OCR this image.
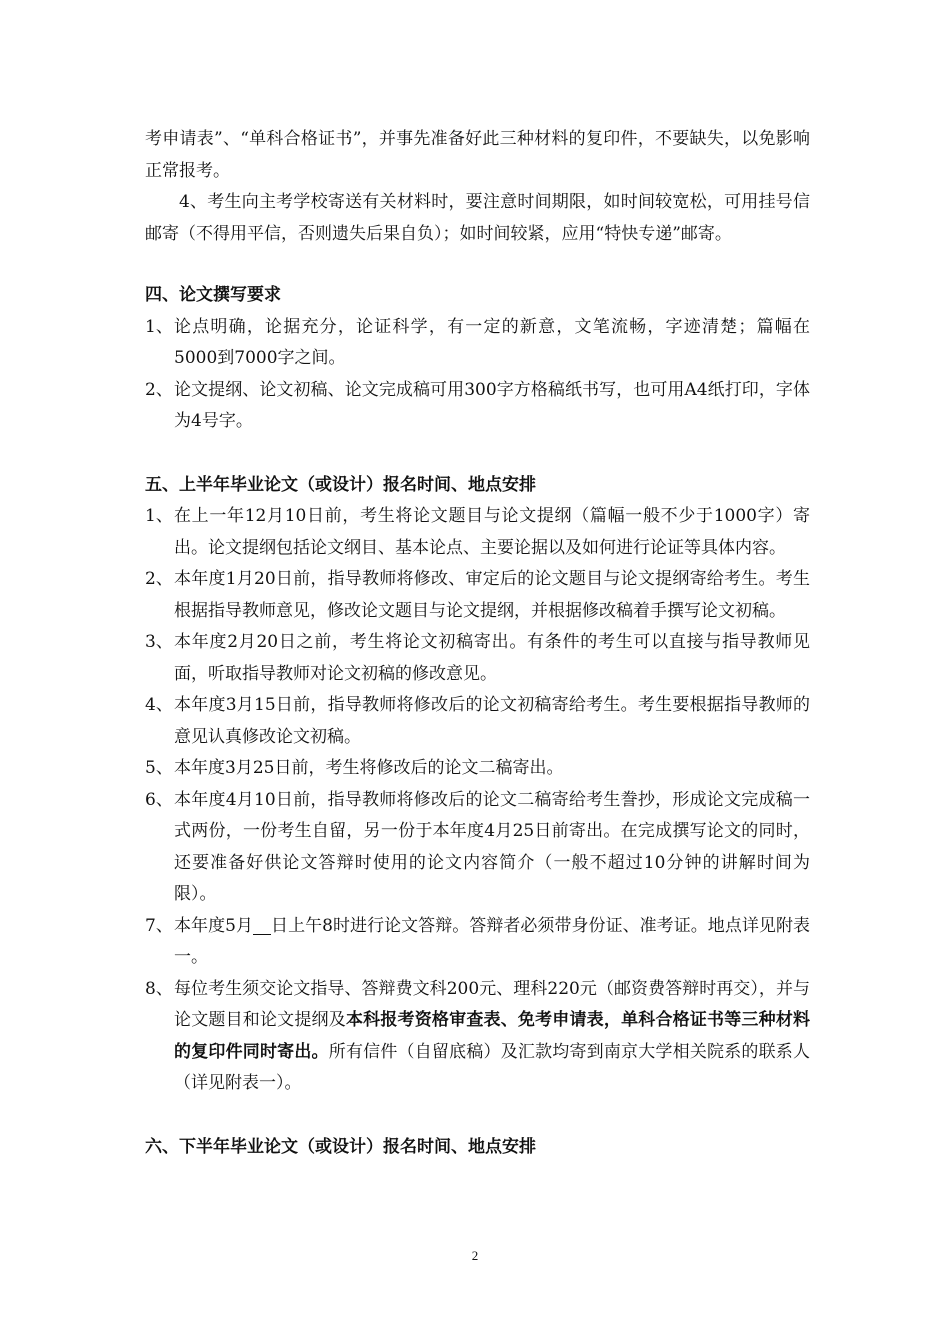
考申请表”、“单科合格证书”，并事先准备好此三种材料的复印件，不要缺失，以免影响正常报考。

4、考生向主考学校寄送有关材料时，要注意时间期限，如时间较宽松，可用挂号信邮寄（不得用平信，否则遗失后果自负）；如时间较紧，应用“特快专递”邮寄。

四、论文撰写要求

1、 论点明确，论据充分，论证科学，有一定的新意，文笔流畅，字迹清楚；篇幅在5000到7000字之间。
2、 论文提纲、论文初稿、论文完成稿可用300字方格稿纸书写，也可用A4纸打印，字体为4号字。

五、上半年毕业论文（或设计）报名时间、地点安排

1、 在上一年12月10日前，考生将论文题目与论文提纲（篇幅一般不少于1000字）寄出。论文提纲包括论文纲目、基本论点、主要论据以及如何进行论证等具体内容。
2、 本年度1月20日前，指导教师将修改、审定后的论文题目与论文提纲寄给考生。考生根据指导教师意见，修改论文题目与论文提纲，并根据修改稿着手撰写论文初稿。
3、 本年度2月20日之前，考生将论文初稿寄出。有条件的考生可以直接与指导教师见面，听取指导教师对论文初稿的修改意见。
4、 本年度3月15日前，指导教师将修改后的论文初稿寄给考生。考生要根据指导教师的意见认真修改论文初稿。
5、 本年度3月25日前，考生将修改后的论文二稿寄出。
6、 本年度4月10日前，指导教师将修改后的论文二稿寄给考生誊抄，形成论文完成稿一式两份，一份考生自留，另一份于本年度4月25日前寄出。在完成撰写论文的同时，还要准备好供论文答辩时使用的论文内容简介（一般不超过10分钟的讲解时间为限）。
7、 本年度5月 日上午8时进行论文答辩。答辩者必须带身份证、准考证。地点详见附表一。
8、 每位考生须交论文指导、答辩费文科200元、理科220元（邮资费答辩时再交），并与论文题目和论文提纲及本科报考资格审查表、免考申请表，单科合格证书等三种材料的复印件同时寄出。所有信件（自留底稿）及汇款均寄到南京大学相关院系的联系人（详见附表一）。

六、下半年毕业论文（或设计）报名时间、地点安排

2
